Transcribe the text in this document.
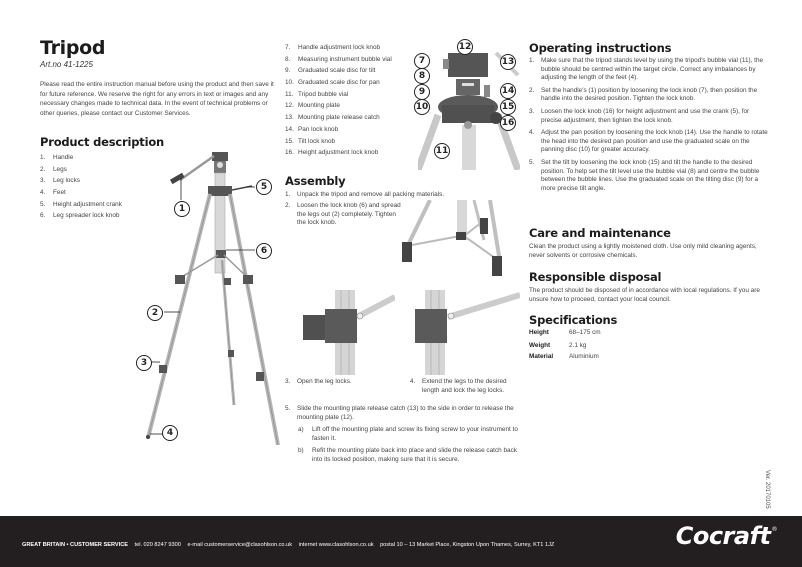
Tripod
Art.no 41-1225
Please read the entire instruction manual before using the product and then save it for future reference. We reserve the right for any errors in text or images and any necessary changes made to technical data. In the event of technical problems or other queries, please contact our Customer Services.
Product description
1.	Handle
2.	Legs
3.	Leg locks
4.	Feet
5.	Height adjustment crank
6.	Leg spreader lock knob
7.	Handle adjustment lock knob
8.	Measuring instrument bubble vial
9.	Graduated scale disc for tilt
10. Graduated scale disc for pan
11. Tripod bubble vial
12. Mounting plate
13. Mounting plate release catch
14. Pan lock knob
15. Tilt lock knob
16. Height adjustment lock knob
1
2
3
4
5
6
7
8
9
10
11
12
13
14
15
16
Assembly
1.	Unpack the tripod and remove all packing materials.
2.	Loosen the lock knob (6) and spread the legs out (2) completely. Tighten the lock knob.
3.	Open the leg locks.	4.	Extend the legs to the desired length and lock the leg locks.
5.	Slide the mounting plate release catch (13) to the side in order to release the mounting plate (12).
a)	Lift off the mounting plate and screw its fixing screw to your instrument to fasten it.
b)	Refit the mounting plate back into place and slide the release catch back into its locked position, making sure that it is secure.
Operating instructions
1.	Make sure that the tripod stands level by using the tripod's bubble vial (11), the bubble should be centred within the target circle. Correct any imbalances by adjusting the length of the feet (4).
2.	Set the handle's (1) position by loosening the lock knob (7), then position the handle into the desired position. Tighten the lock knob.
3.	Loosen the lock knob (16) for height adjustment and use the crank (5), for precise adjustment, then tighten the lock knob.
4.	Adjust the pan position by loosening the lock knob (14). Use the handle to rotate the head into the desired pan position and use the graduated scale on the panning disc (10) for greater accuracy.
5.	Set the tilt by loosening the lock knob (15) and tilt the handle to the desired position. To help set the tilt level use the bubble vial (8) and centre the bubble between the bubble lines. Use the graduated scale on the tilting disc (9) for a more precise tilt angle.
Care and maintenance
Clean the product using a lightly moistened cloth. Use only mild cleaning agents, never solvents or corrosive chemicals.
Responsible disposal
The product should be disposed of in accordance with local regulations. If you are unsure how to proceed, contact your local council.
Specifications
Height	68–175 cm
Weight	2.1 kg
Material	Aluminium
Ver. 20170105
GREAT BRITAIN • CUSTOMER SERVICE tel. 020 8247 9300 e-mail customerservice@clasohlson.co.uk internet www.clasohlson.co.uk postal 10 – 13 Market Place, Kingston Upon Thames, Surrey, KT1 1JZ	Cocraft®
